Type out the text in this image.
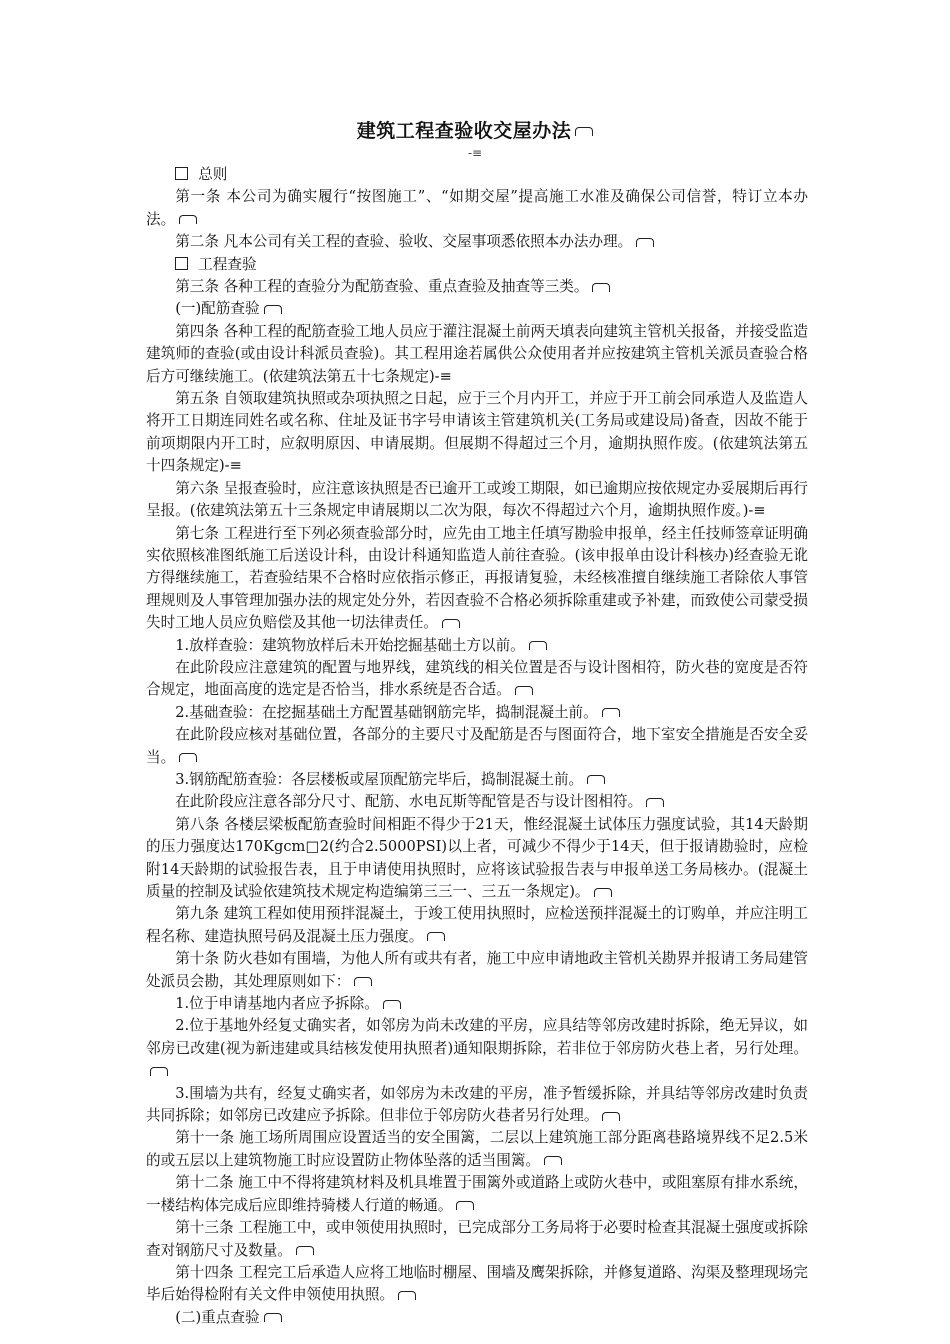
建筑工程查验收交屋办法
-≡

总则

第一条 本公司为确实履行“按图施工”、“如期交屋”提高施工水准及确保公司信誉，特订立本办法。

第二条 凡本公司有关工程的查验、验收、交屋事项悉依照本办法办理。

工程查验

第三条 各种工程的查验分为配筋查验、重点查验及抽查等三类。

(一)配筋查验

第四条 各种工程的配筋查验工地人员应于灌注混凝土前两天填表向建筑主管机关报备，并接受监造建筑师的查验(或由设计科派员查验)。其工程用途若属供公众使用者并应按建筑主管机关派员查验合格后方可继续施工。(依建筑法第五十七条规定)-≡

第五条 自领取建筑执照或杂项执照之日起，应于三个月内开工，并应于开工前会同承造人及监造人将开工日期连同姓名或名称、住址及证书字号申请该主管建筑机关(工务局或建设局)备查，因故不能于前项期限内开工时，应叙明原因、申请展期。但展期不得超过三个月，逾期执照作废。(依建筑法第五十四条规定)-≡

第六条 呈报查验时，应注意该执照是否已逾开工或竣工期限，如已逾期应按依规定办妥展期后再行呈报。(依建筑法第五十三条规定申请展期以二次为限，每次不得超过六个月，逾期执照作废。)-≡

第七条 工程进行至下列必须查验部分时，应先由工地主任填写勘验申报单，经主任技师签章证明确实依照核准图纸施工后送设计科，由设计科通知监造人前往查验。(该申报单由设计科核办)经查验无讹方得继续施工，若查验结果不合格时应依指示修正，再报请复验，未经核准擅自继续施工者除依人事管理规则及人事管理加强办法的规定处分外，若因查验不合格必须拆除重建或予补建，而致使公司蒙受损失时工地人员应负赔偿及其他一切法律责任。

1.放样查验：建筑物放样后未开始挖掘基础土方以前。

在此阶段应注意建筑的配置与地界线，建筑线的相关位置是否与设计图相符，防火巷的宽度是否符合规定，地面高度的选定是否恰当，排水系统是否合适。

2.基础查验：在挖掘基础土方配置基础钢筋完毕，捣制混凝土前。

在此阶段应核对基础位置，各部分的主要尺寸及配筋是否与图面符合，地下室安全措施是否安全妥当。

3.钢筋配筋查验：各层楼板或屋顶配筋完毕后，捣制混凝土前。

在此阶段应注意各部分尺寸、配筋、水电瓦斯等配管是否与设计图相符。

第八条 各楼层梁板配筋查验时间相距不得少于21天，惟经混凝土试体压力强度试验，其14天龄期的压力强度达170Kgcm□2(约合2.5000PSI)以上者，可减少不得少于14天，但于报请勘验时，应检附14天龄期的试验报告表，且于申请使用执照时，应将该试验报告表与申报单送工务局核办。(混凝土质量的控制及试验依建筑技术规定构造编第三三一、三五一条规定)。

第九条 建筑工程如使用预拌混凝土，于竣工使用执照时，应检送预拌混凝土的订购单，并应注明工程名称、建造执照号码及混凝土压力强度。

第十条 防火巷如有围墙，为他人所有或共有者，施工中应申请地政主管机关勘界并报请工务局建管处派员会勘，其处理原则如下：

1.位于申请基地内者应予拆除。

2.位于基地外经复丈确实者，如邻房为尚未改建的平房，应具结等邻房改建时拆除，绝无异议，如邻房已改建(视为新违建或具结核发使用执照者)通知限期拆除，若非位于邻房防火巷上者，另行处理。

3.围墙为共有，经复丈确实者，如邻房为未改建的平房，准予暂缓拆除，并具结等邻房改建时负责共同拆除；如邻房已改建应予拆除。但非位于邻房防火巷者另行处理。

第十一条 施工场所周围应设置适当的安全围篱，二层以上建筑施工部分距离巷路境界线不足2.5米的或五层以上建筑物施工时应设置防止物体坠落的适当围篱。

第十二条 施工中不得将建筑材料及机具堆置于围篱外或道路上或防火巷中，或阻塞原有排水系统，一楼结构体完成后应即维持骑楼人行道的畅通。

第十三条 工程施工中，或申领使用执照时，已完成部分工务局将于必要时检查其混凝土强度或拆除查对钢筋尺寸及数量。

第十四条 工程完工后承造人应将工地临时棚屋、围墙及鹰架拆除，并修复道路、沟渠及整理现场完毕后始得检附有关文件申领使用执照。

(二)重点查验
